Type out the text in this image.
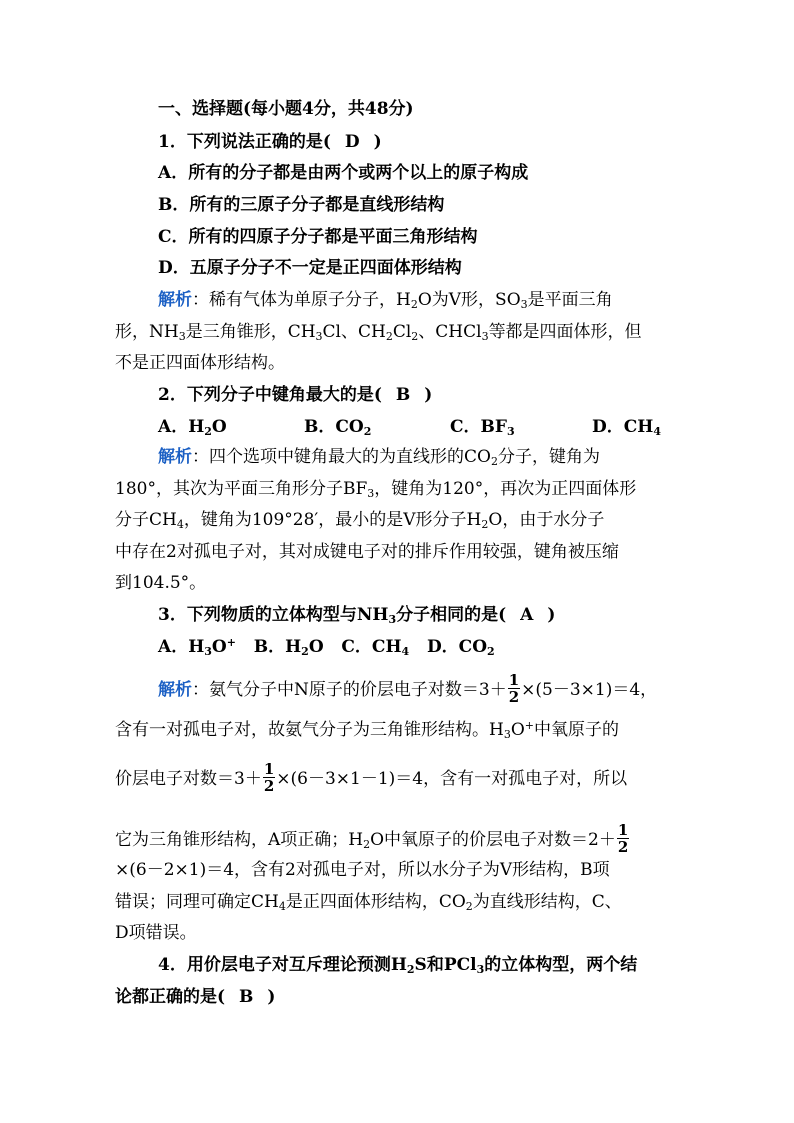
一、选择题(每小题4分，共48分)
1．下列说法正确的是( D )
A．所有的分子都是由两个或两个以上的原子构成
B．所有的三原子分子都是直线形结构
C．所有的四原子分子都是平面三角形结构
D．五原子分子不一定是正四面体形结构
解析：稀有气体为单原子分子，$H_2O$为V形，$SO_3$是平面三角
形，$NH_3$是三角锥形，$CH_3Cl$、$CH_2Cl_2$、CHCl$_3$等都是四面体形，但
不是正四面体形结构。
2．下列分子中键角最大的是( B )
A．$H_2O$	B．$CO_2$	C．$BF_3$	D．$CH_4$
解析：四个选项中键角最大的为直线形的$CO_2$分子，键角为
180°，其次为平面三角形分子$BF_3$，键角为120°，再次为正四面体形
分子$CH_4$，键角为109°28′，最小的是V形分子$H_2O$，由于水分子
中存在2对孤电子对，其对成键电子对的排斥作用较强，键角被压缩
到104.5°。
3．下列物质的立体构型与$NH_3$分子相同的是( A )
A．$H_3O^+$ B．$H_2O$ C．$CH_4$ D．$CO_2$
解析：氨气分子中N原子的价层电子对数$=3+ \frac{1}{2} \times(5-3\times 1)=4$，
含有一对孤电子对，故氨气分子为三角锥形结构。$H_3O^+$中氧原子的
价层电子对数$=3+ \frac{1}{2} \times(6-3\times 1-1)=4$，含有一对孤电子对，所以
它为三角锥形结构，A项正确；$H_2O$中氧原子的价层电子对数$=2+ \frac{1}{2}$
×(6－2×1)＝4，含有2对孤电子对，所以水分子为V形结构，B项
错误；同理可确定$CH_4$是正四面体形结构，$CO_2$为直线形结构，C、
D项错误。
4．用价层电子对互斥理论预测$H_2S$和PCl$_3$的立体构型，两个结
论都正确的是( B )
